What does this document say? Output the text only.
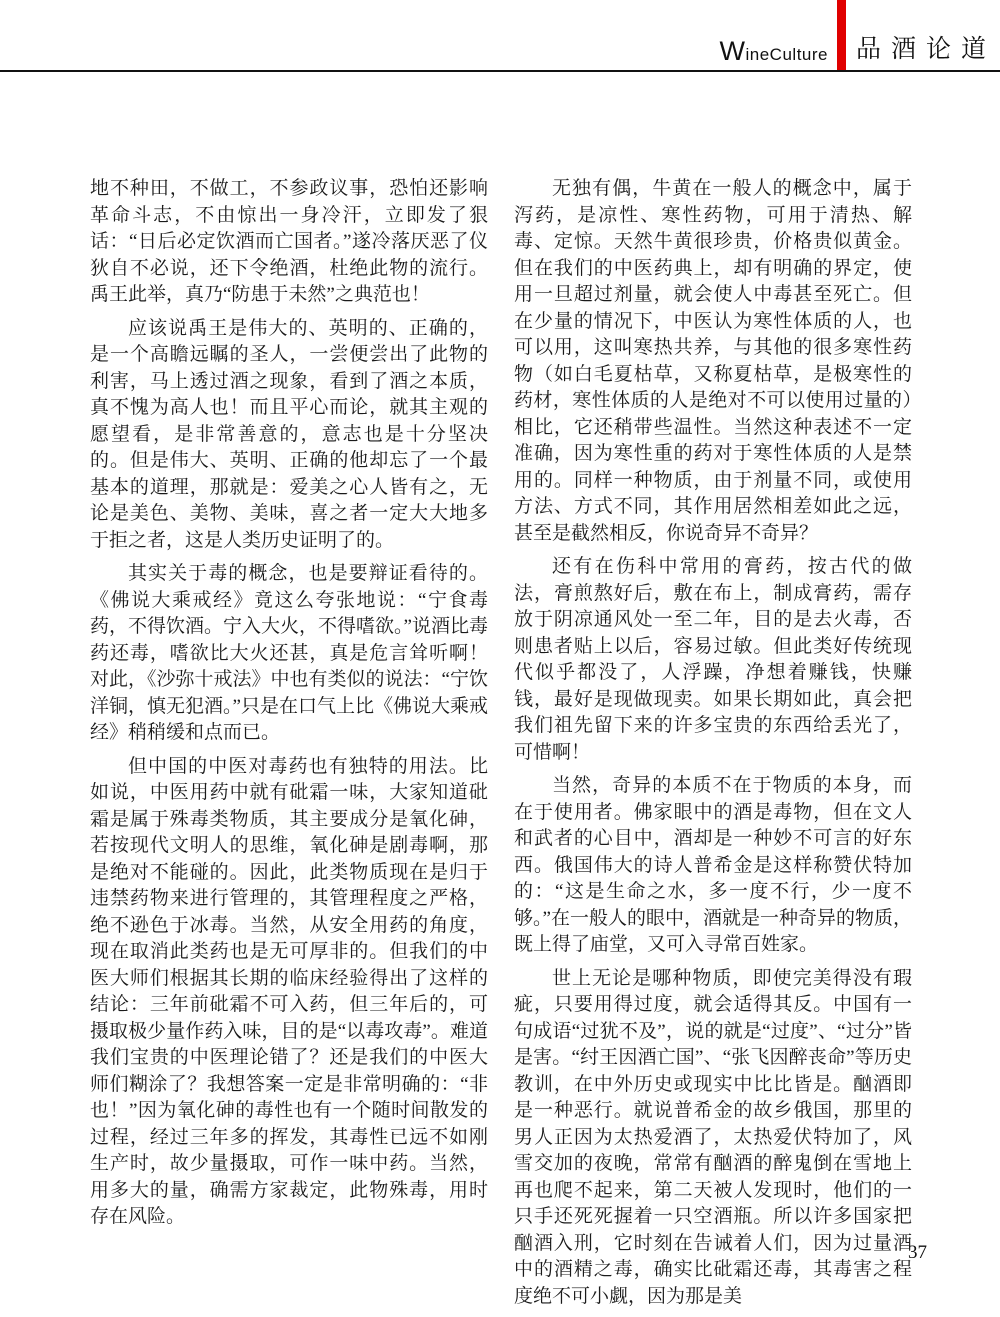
WineCulture 品酒论道

地不种田，不做工，不参政议事，恐怕还影响革命斗志，不由惊出一身冷汗，立即发了狠话：“日后必定饮酒而亡国者。”遂冷落厌恶了仪狄自不必说，还下令绝酒，杜绝此物的流行。禹王此举，真乃“防患于未然”之典范也！

应该说禹王是伟大的、英明的、正确的，是一个高瞻远瞩的圣人，一尝便尝出了此物的利害，马上透过酒之现象，看到了酒之本质，真不愧为高人也！而且平心而论，就其主观的愿望看，是非常善意的，意志也是十分坚决的。但是伟大、英明、正确的他却忘了一个最基本的道理，那就是：爱美之心人皆有之，无论是美色、美物、美味，喜之者一定大大地多于拒之者，这是人类历史证明了的。

其实关于毒的概念，也是要辩证看待的。《佛说大乘戒经》竟这么夸张地说：“宁食毒药，不得饮酒。宁入大火，不得嗜欲。”说酒比毒药还毒，嗜欲比大火还甚，真是危言耸听啊！对此，《沙弥十戒法》中也有类似的说法：“宁饮洋铜，慎无犯酒。”只是在口气上比《佛说大乘戒经》稍稍缓和点而已。

但中国的中医对毒药也有独特的用法。比如说，中医用药中就有砒霜一味，大家知道砒霜是属于殊毒类物质，其主要成分是氧化砷，若按现代文明人的思维，氧化砷是剧毒啊，那是绝对不能碰的。因此，此类物质现在是归于违禁药物来进行管理的，其管理程度之严格，绝不逊色于冰毒。当然，从安全用药的角度，现在取消此类药也是无可厚非的。但我们的中医大师们根据其长期的临床经验得出了这样的结论：三年前砒霜不可入药，但三年后的，可摄取极少量作药入味，目的是“以毒攻毒”。难道我们宝贵的中医理论错了？还是我们的中医大师们糊涂了？我想答案一定是非常明确的：“非也！”因为氧化砷的毒性也有一个随时间散发的过程，经过三年多的挥发，其毒性已远不如刚生产时，故少量摄取，可作一味中药。当然，用多大的量，确需方家裁定，此物殊毒，用时存在风险。

无独有偶，牛黄在一般人的概念中，属于泻药，是凉性、寒性药物，可用于清热、解毒、定惊。天然牛黄很珍贵，价格贵似黄金。但在我们的中医药典上，却有明确的界定，使用一旦超过剂量，就会使人中毒甚至死亡。但在少量的情况下，中医认为寒性体质的人，也可以用，这叫寒热共养，与其他的很多寒性药物（如白毛夏枯草，又称夏枯草，是极寒性的药材，寒性体质的人是绝对不可以使用过量的）相比，它还稍带些温性。当然这种表述不一定准确，因为寒性重的药对于寒性体质的人是禁用的。同样一种物质，由于剂量不同，或使用方法、方式不同，其作用居然相差如此之远，甚至是截然相反，你说奇异不奇异？

还有在伤科中常用的膏药，按古代的做法，膏煎熬好后，敷在布上，制成膏药，需存放于阴凉通风处一至二年，目的是去火毒，否则患者贴上以后，容易过敏。但此类好传统现代似乎都没了，人浮躁，净想着赚钱，快赚钱，最好是现做现卖。如果长期如此，真会把我们祖先留下来的许多宝贵的东西给丢光了，可惜啊！

当然，奇异的本质不在于物质的本身，而在于使用者。佛家眼中的酒是毒物，但在文人和武者的心目中，酒却是一种妙不可言的好东西。俄国伟大的诗人普希金是这样称赞伏特加的：“这是生命之水，多一度不行，少一度不够。”在一般人的眼中，酒就是一种奇异的物质，既上得了庙堂，又可入寻常百姓家。

世上无论是哪种物质，即使完美得没有瑕疵，只要用得过度，就会适得其反。中国有一句成语“过犹不及”，说的就是“过度”、“过分”皆是害。“纣王因酒亡国”、“张飞因醉丧命”等历史教训，在中外历史或现实中比比皆是。酗酒即是一种恶行。就说普希金的故乡俄国，那里的男人正因为太热爱酒了，太热爱伏特加了，风雪交加的夜晚，常常有酗酒的醉鬼倒在雪地上再也爬不起来，第二天被人发现时，他们的一只手还死死握着一只空酒瓶。所以许多国家把酗酒入刑，它时刻在告诫着人们，因为过量酒中的酒精之毒，确实比砒霜还毒，其毒害之程度绝不可小觑，因为那是美

37
